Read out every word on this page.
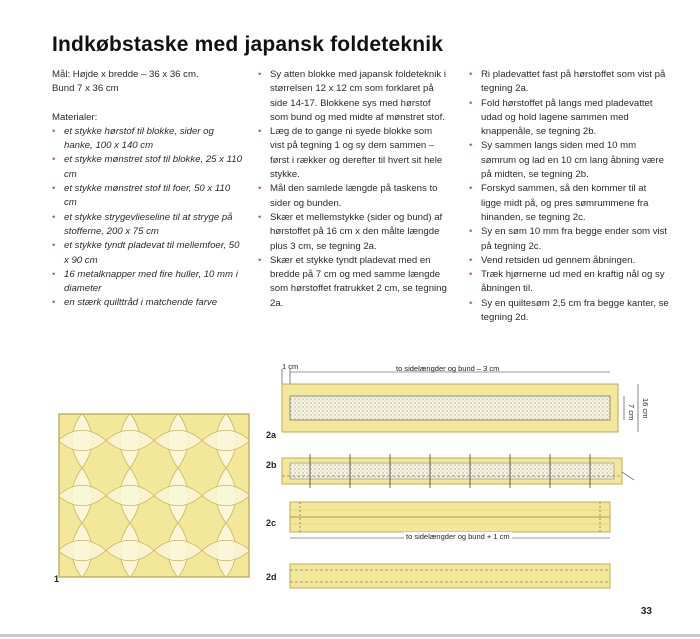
Indkøbstaske med japansk foldeteknik

Mål: Højde x bredde – 36 x 36 cm.

Bund 7 x 36 cm

Materialer:

• et stykke hørstof til blokke, sider og hanke, 100 x 140 cm
• et stykke mønstret stof til blokke, 25 x 110 cm
• et stykke mønstret stof til foer, 50 x 110 cm
• et stykke strygevlieseline til at stryge på stofferne, 200 x 75 cm
• et stykke tyndt pladevat til mellemfoer, 50 x 90 cm
• 16 metalknapper med fire huller, 10 mm i diameter
• en stærk quilttråd i matchende farve
• Sy atten blokke med japansk foldeteknik i størrelsen 12 x 12 cm som forklaret på side 14-17. Blokkene sys med hørstof som bund og med midte af mønstret stof.
• Læg de to gange ni syede blokke som vist på tegning 1 og sy dem sammen – først i rækker og derefter til hvert sit hele stykke.
• Mål den samlede længde på taskens to sider og bunden.
• Skær et mellemstykke (sider og bund) af hørstoffet på 16 cm x den målte længde plus 3 cm, se tegning 2a.
• Skær et stykke tyndt pladevat med en bredde på 7 cm og med samme længde som hørstoffet fratrukket 2 cm, se tegning 2a.
• Ri pladevattet fast på hørstoffet som vist på tegning 2a.
• Fold hørstoffet på langs med pladevattet udad og hold lagene sammen med knappenåle, se tegning 2b.
• Sy sammen langs siden med 10 mm sømrum og lad en 10 cm lang åbning være på midten, se tegning 2b.
• Forskyd sammen, så den kommer til at ligge midt på, og pres sømrummene fra hinanden, se tegning 2c.
• Sy en søm 10 mm fra begge ender som vist på tegning 2c.
• Vend retsiden ud gennem åbningen.
• Træk hjørnerne ud med en kraftig nål og sy åbningen til.
• Sy en quiltesøm 2,5 cm fra begge kanter, se tegning 2d.
1
1 cm	to sidelængder og bund – 3 cm
7 cm 16 cm
2a
2b
2c
to sidelængder og bund + 1 cm
2d
33
